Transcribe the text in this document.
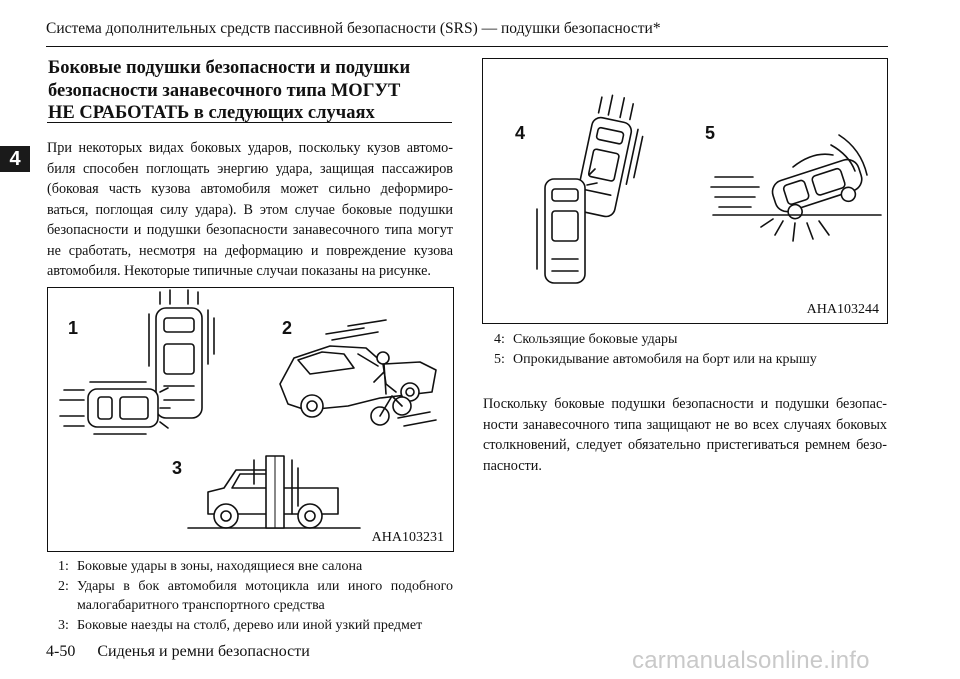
Система дополнительных средств пассивной безопасности (SRS) — подушки безопасности*
4
Боковые подушки безопасности и подушки
безопасности занавесочного типа МОГУТ
НЕ СРАБОТАТЬ в следующих случаях
При некоторых видах боковых ударов, поскольку кузов автомо-
биля способен поглощать энергию удара, защищая пассажиров
(боковая часть кузова автомобиля может сильно деформиро-
ваться, поглощая силу удара). В этом случае боковые подушки
безопасности и подушки безопасности занавесочного типа могут
не сработать, несмотря на деформацию и повреждение кузова
автомобиля. Некоторые типичные случаи показаны на рисунке.
1	2
3
AHA103231
1: Боковые удары в зоны, находящиеся вне салона
2: Удары в бок автомобиля мотоцикла или иного подобного
малогабаритного транспортного средства
3: Боковые наезды на столб, дерево или иной узкий предмет
4	5
AHA103244
4: Скользящие боковые удары
5: Опрокидывание автомобиля на борт или на крышу
Поскольку боковые подушки безопасности и подушки безопас-
ности занавесочного типа защищают не во всех случаях боковых
столкновений, следует обязательно пристегиваться ремнем безо-
пасности.
4-50 Сиденья и ремни безопасности	carmanualsonline.info
